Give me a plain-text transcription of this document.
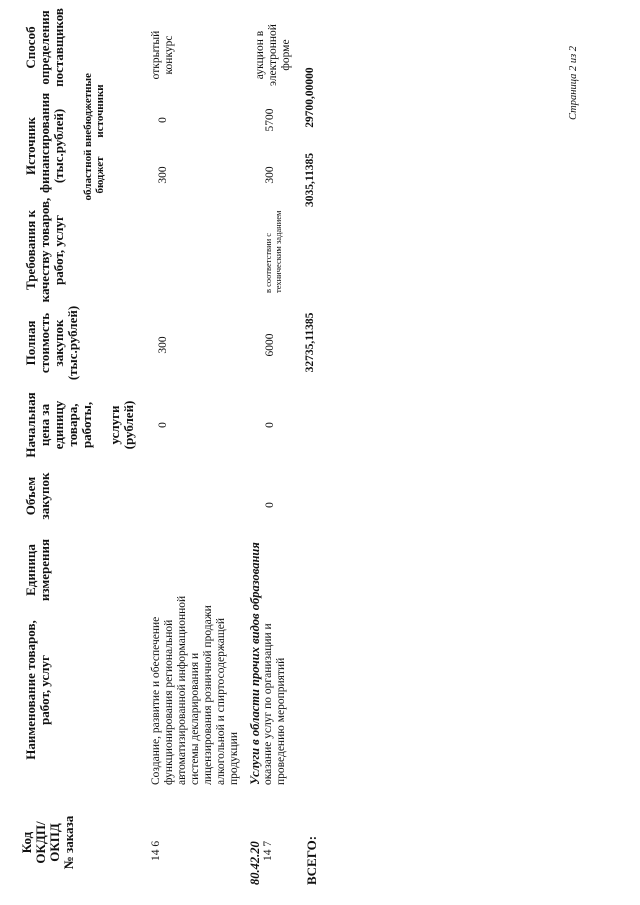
Код ОКДП/ ОКПД № заказа
Наименование товаров, работ, услуг
Единица измерения
Объем закупок
Начальная цена за единицу товара, работы, услуги (рублей)
Полная стоимость закупок (тыс.рублей)
Требования к качеству товаров, работ, услуг
Источник финансирования (тыс.рублей) областной бюджет
внебюджетные источники
Способ определения поставщиков
14 6
Создание, развитие и обеспечение функционирования региональной автоматизированной информационной системы декларирования и лицензирования розничной продажи алкогольной и спиртосодержащей продукции
0
300
300
0
открытый конкурс
80.42.20
Услуги в области прочих видов образования
14 7
оказание услуг по организации и проведению мероприятий
0
0
6000
в соответствии с техническим заданием
300
5700
аукцион в электронной форме
ВСЕГО:
32735,11385
3035,11385
29700,00000	Страница 2 из 2
